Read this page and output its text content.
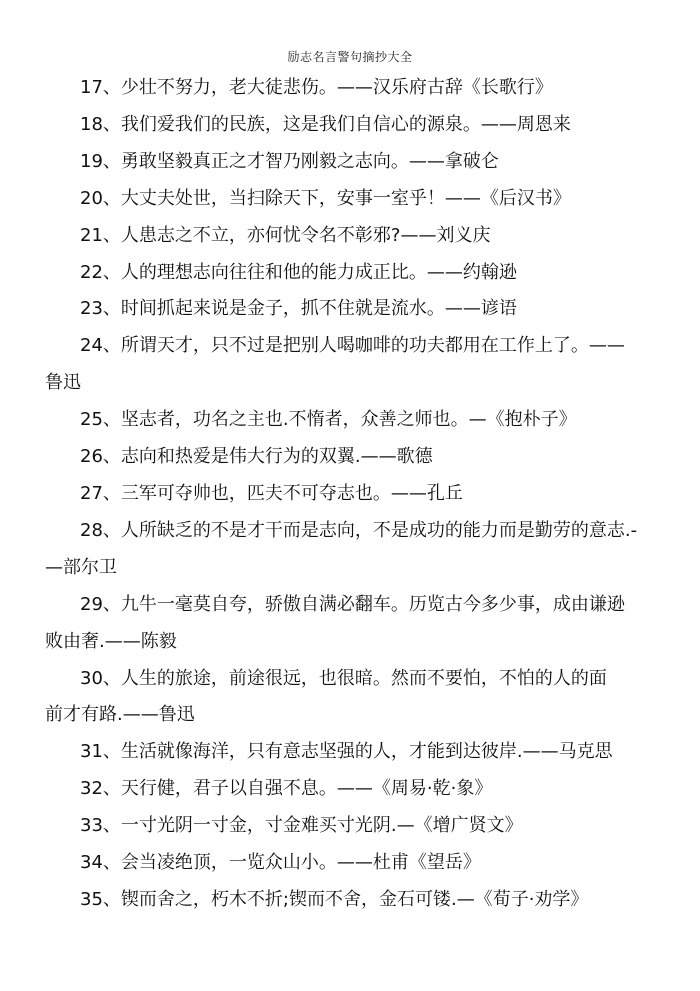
励志名言警句摘抄大全
17、少壮不努力，老大徒悲伤。——汉乐府古辞《长歌行》
18、我们爱我们的民族，这是我们自信心的源泉。——周恩来
19、勇敢坚毅真正之才智乃刚毅之志向。——拿破仑
20、大丈夫处世，当扫除天下，安事一室乎！——《后汉书》
21、人患志之不立，亦何忧令名不彰邪?——刘义庆
22、人的理想志向往往和他的能力成正比。——约翰逊
23、时间抓起来说是金子，抓不住就是流水。——谚语
24、所谓天才，只不过是把别人喝咖啡的功夫都用在工作上了。——
鲁迅
25、坚志者，功名之主也.不惰者，众善之师也。—《抱朴子》
26、志向和热爱是伟大行为的双翼.——歌德
27、三军可夺帅也，匹夫不可夺志也。——孔丘
28、人所缺乏的不是才干而是志向，不是成功的能力而是勤劳的意志.-
—部尔卫
29、九牛一毫莫自夸，骄傲自满必翻车。历览古今多少事，成由谦逊
败由奢.——陈毅
30、人生的旅途，前途很远，也很暗。然而不要怕，不怕的人的面
前才有路.——鲁迅
31、生活就像海洋，只有意志坚强的人，才能到达彼岸.——马克思
32、天行健，君子以自强不息。——《周易·乾·象》
33、一寸光阴一寸金，寸金难买寸光阴.—《增广贤文》
34、会当凌绝顶，一览众山小。——杜甫《望岳》
35、锲而舍之，朽木不折;锲而不舍，金石可镂.—《荀子·劝学》
